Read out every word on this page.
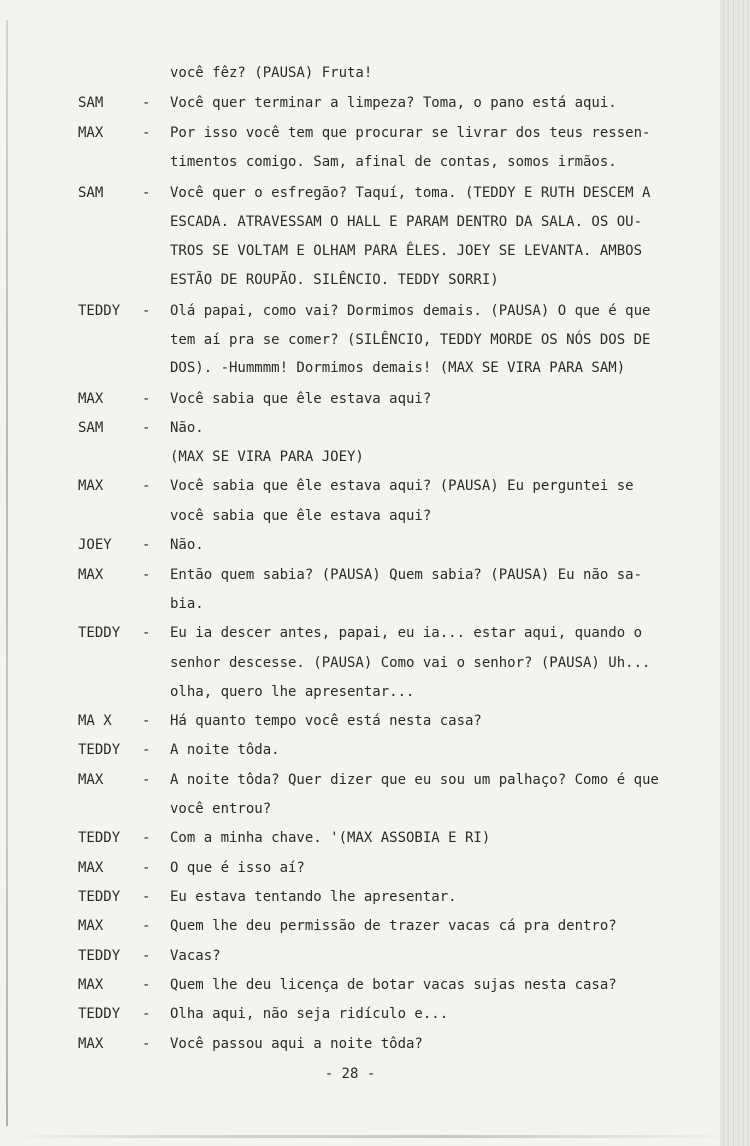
você fêz? (PAUSA) Fruta!
SAM	- Você quer terminar a limpeza? Toma, o pano está aqui.
MAX	- Por isso você tem que procurar se livrar dos teus ressen-
timentos comigo. Sam, afinal de contas, somos irmãos.
SAM	- Você quer o esfregão? Taquí, toma. (TEDDY E RUTH DESCEM A
ESCADA. ATRAVESSAM O HALL E PARAM DENTRO DA SALA. OS OU-
TROS SE VOLTAM E OLHAM PARA ÊLES. JOEY SE LEVANTA. AMBOS
ESTÃO DE ROUPÃO. SILÊNCIO. TEDDY SORRI)
TEDDY - Olá papai, como vai? Dormimos demais. (PAUSA) O que é que
tem aí pra se comer? (SILÊNCIO, TEDDY MORDE OS NÓS DOS DE
DOS). -Hummmm! Dormimos demais! (MAX SE VIRA PARA SAM)
MAX	- Você sabia que êle estava aqui?
SAM	- Não.
(MAX SE VIRA PARA JOEY)
MAX	- Você sabia que êle estava aqui? (PAUSA) Eu perguntei se
você sabia que êle estava aqui?
JOEY - Não.
MAX	- Então quem sabia? (PAUSA) Quem sabia? (PAUSA) Eu não sa-
bia.
TEDDY - Eu ia descer antes, papai, eu ia... estar aqui, quando o
senhor descesse. (PAUSA) Como vai o senhor? (PAUSA) Uh...
olha, quero lhe apresentar...
MA X - Há quanto tempo você está nesta casa?
TEDDY - A noite tôda.
MAX	- A noite tôda? Quer dizer que eu sou um palhaço? Como é que
você entrou?
TEDDY - Com a minha chave. '(MAX ASSOBIA E RI)
MAX	- O que é isso aí?
TEDDY - Eu estava tentando lhe apresentar.
MAX	- Quem lhe deu permissão de trazer vacas cá pra dentro?
TEDDY - Vacas?
MAX	- Quem lhe deu licença de botar vacas sujas nesta casa?
TEDDY - Olha aqui, não seja ridículo e...
MAX	- Você passou aqui a noite tôda?
- 28 -
